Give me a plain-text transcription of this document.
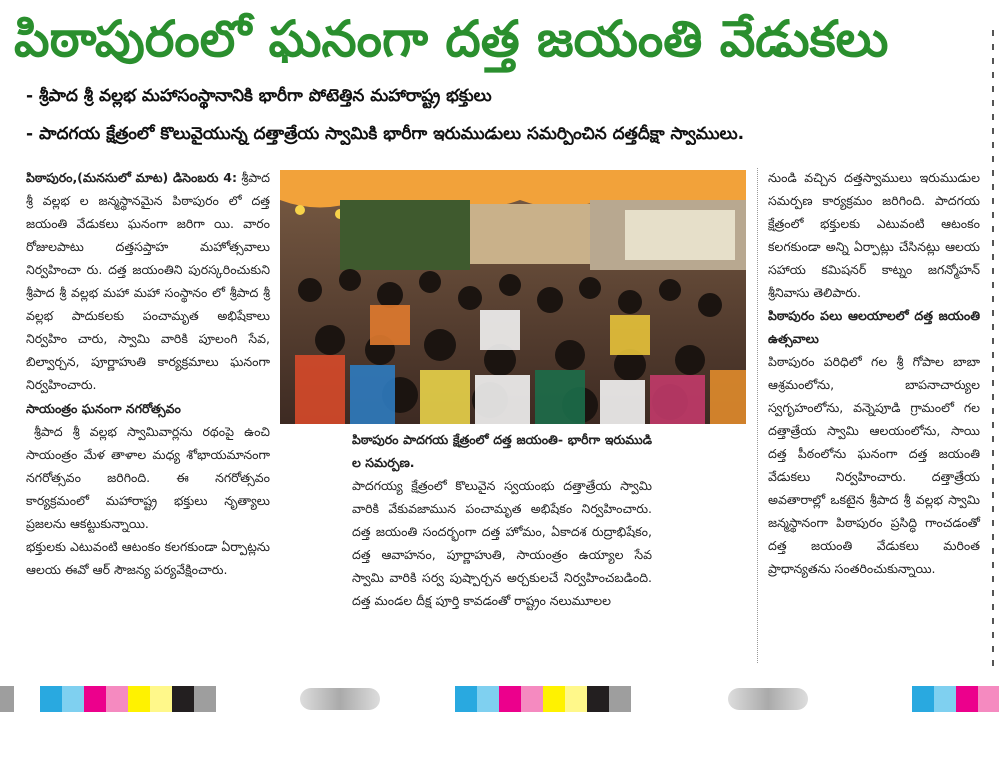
పిఠాపురంలో ఘనంగా దత్త జయంతి వేడుకలు
- శ్రీపాద శ్రీ వల్లభ మహాసంస్థానానికి భారీగా పోటెత్తిన మహారాష్ట్ర భక్తులు
- పాదగయ క్షేత్రంలో కొలువైయున్న దత్తాత్రేయ స్వామికి భారీగా ఇరుముడులు సమర్పించిన దత్తదీక్షా స్వాములు.

పిఠాపురం,(మనసులో మాట) డిసెంబరు 4: శ్రీపాద శ్రీ వల్లభ ల జన్మస్థానమైన పిఠాపురం లో దత్త జయంతి వేడుకలు ఘనంగా జరిగా యి. వారం రోజులపాటు దత్తసప్తాహ మహోత్సవాలు నిర్వహించా రు. దత్త జయంతిని పురస్కరించుకుని శ్రీపాద శ్రీ వల్లభ మహా మహా సంస్థానం లో శ్రీపాద శ్రీ వల్లభ పాదుకలకు పంచామృత అభిషేకాలు నిర్వహిం చారు, స్వామి వారికి పూలంగి సేవ, బిల్వార్చన, పూర్ణాహుతి కార్యక్రమాలు ఘనంగా నిర్వహించారు.

సాయంత్రం ఘనంగా నగరోత్సవం

శ్రీపాద శ్రీ వల్లభ స్వామివార్లను రథంపై ఉంచి సాయంత్రం మేళ తాళాల మధ్య శోభాయమానంగా నగరోత్సవం జరిగింది. ఈ నగరోత్సవం కార్యక్రమంలో మహారాష్ట్ర భక్తులు నృత్యాలు ప్రజలను ఆకట్టుకున్నాయి.

భక్తులకు ఎటువంటి ఆటంకం కలగకుండా ఏర్పాట్లను ఆలయ ఈవో ఆర్ సౌజన్య పర్యవేక్షించారు.

పిఠాపురం పాదగయ క్షేత్రంలో దత్త జయంతి- భారీగా ఇరుముడి ల సమర్పణ.

పాదగయ్య క్షేత్రంలో కొలువైన స్వయంభు దత్తాత్రేయ స్వామి వారికి వేకువజామున పంచామృత అభిషేకం నిర్వహించారు. దత్త జయంతి సందర్భంగా దత్త హోమం, ఏకాదశ రుద్రాభిషేకం, దత్త ఆవాహనం, పూర్ణాహుతి, సాయంత్రం ఉయ్యాల సేవ స్వామి వారికి సర్వ పుష్పార్చన అర్చకులచే నిర్వహించబడింది. దత్త మండల దీక్ష పూర్తి కావడంతో రాష్ట్రం నలుమూలల

నుండి వచ్చిన దత్తస్వాములు ఇరుముడుల సమర్పణ కార్యక్రమం జరిగింది. పాదగయ క్షేత్రంలో భక్తులకు ఎటువంటి ఆటంకం కలగకుండా అన్ని ఏర్పాట్లు చేసినట్లు ఆలయ సహాయ కమిషనర్ కాట్నం జగన్మోహన్ శ్రీనివాసు తెలిపారు.

పిఠాపురం పలు ఆలయాలలో దత్త జయంతి ఉత్సవాలు

పిఠాపురం పరిధిలో గల శ్రీ గోపాల బాబా ఆశ్రమంలోను, బాపనాచార్యుల స్వగృహంలోను, వన్నెపూడి గ్రామంలో గల దత్తాత్రేయ స్వామి ఆలయంలోను, సాయి దత్త పీఠంలోను ఘనంగా దత్త జయంతి వేడుకలు నిర్వహించారు. దత్తాత్రేయ అవతారాల్లో ఒకటైన శ్రీపాద శ్రీ వల్లభ స్వామి జన్మస్థానంగా పిఠాపురం ప్రసిద్ధి గాంచడంతో దత్త జయంతి వేడుకలు మరింత ప్రాధాన్యతను సంతరించుకున్నాయి.
